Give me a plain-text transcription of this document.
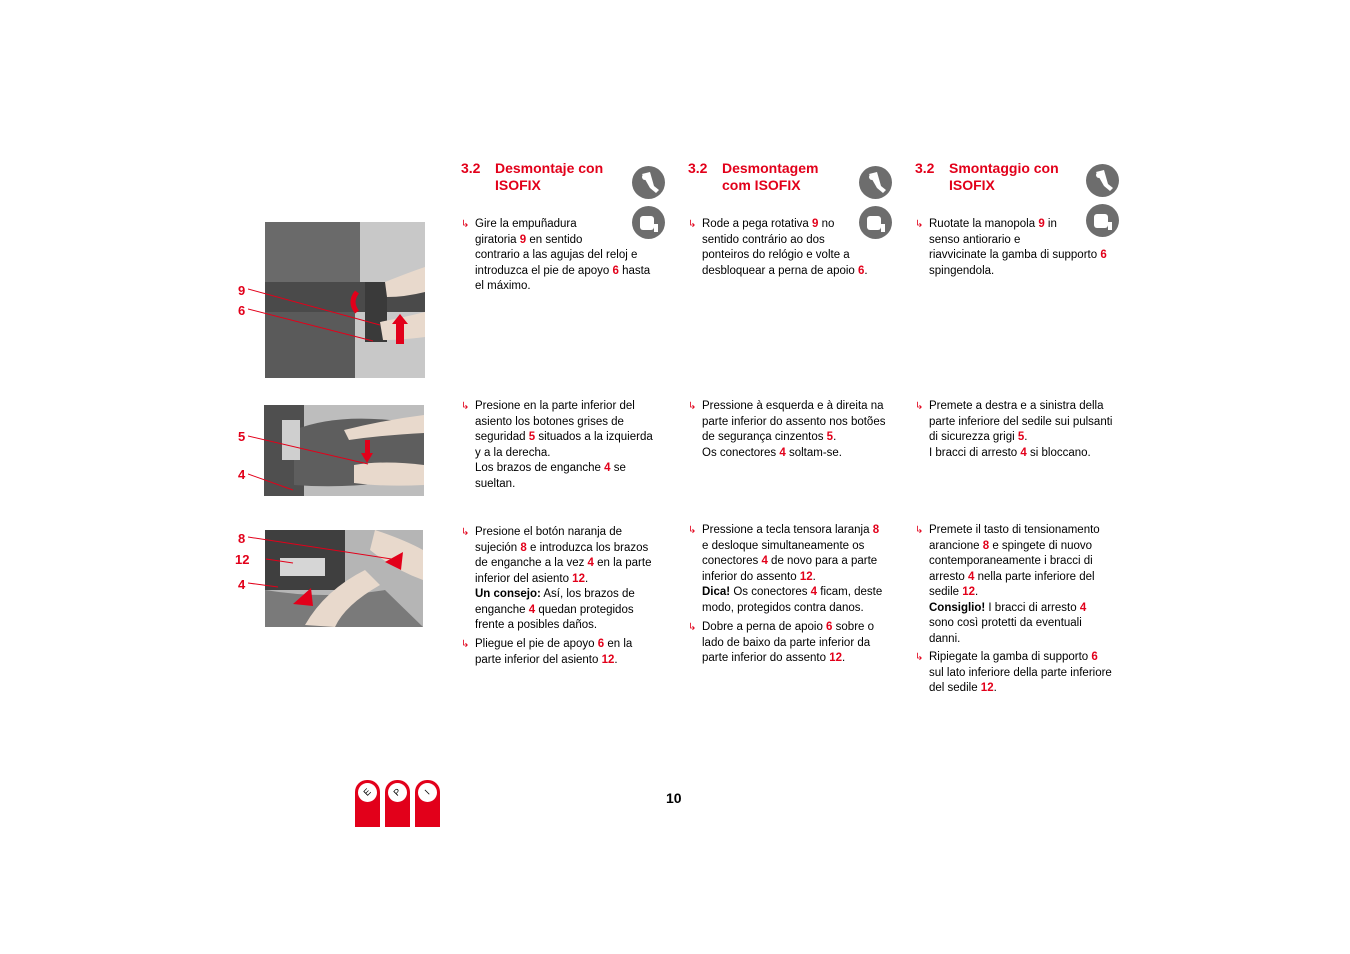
9
6
5
4
8
12
4
3.2 Desmontaje con ISOFIX
3.2 Desmontagem com ISOFIX
3.2 Smontaggio con ISOFIX
↳ Gire la empuñadura
giratoria 9 en sentido
contrario a las agujas del reloj e
introduzca el pie de apoyo 6 hasta
el máximo.
↳ Presione en la parte inferior del
asiento los botones grises de
seguridad 5 situados a la izquierda
y a la derecha.
Los brazos de enganche 4 se
sueltan.
↳ Presione el botón naranja de
sujeción 8 e introduzca los brazos
de enganche a la vez 4 en la parte
inferior del asiento 12.
Un consejo: Así, los brazos de
enganche 4 quedan protegidos
frente a posibles daños.
↳ Pliegue el pie de apoyo 6 en la
parte inferior del asiento 12.
↳ Rode a pega rotativa 9 no
sentido contrário ao dos
ponteiros do relógio e volte a
desbloquear a perna de apoio 6.
↳ Pressione à esquerda e à direita na
parte inferior do assento nos botões
de segurança cinzentos 5.
Os conectores 4 soltam-se.
↳ Pressione a tecla tensora laranja 8
e desloque simultaneamente os
conectores 4 de novo para a parte
inferior do assento 12.
Dica! Os conectores 4 ficam, deste
modo, protegidos contra danos.
↳ Dobre a perna de apoio 6 sobre o
lado de baixo da parte inferior da
parte inferior do assento 12.
↳ Ruotate la manopola 9 in
senso antiorario e
riavvicinate la gamba di supporto 6
spingendola.
↳ Premete a destra e a sinistra della
parte inferiore del sedile sui pulsanti
di sicurezza grigi 5.
I bracci di arresto 4 si bloccano.
↳ Premete il tasto di tensionamento
arancione 8 e spingete di nuovo
contemporaneamente i bracci di
arresto 4 nella parte inferiore del
sedile 12.
Consiglio! I bracci di arresto 4
sono così protetti da eventuali
danni.
↳ Ripiegate la gamba di supporto 6
sul lato inferiore della parte inferiore
del sedile 12.
E	P	I	10
